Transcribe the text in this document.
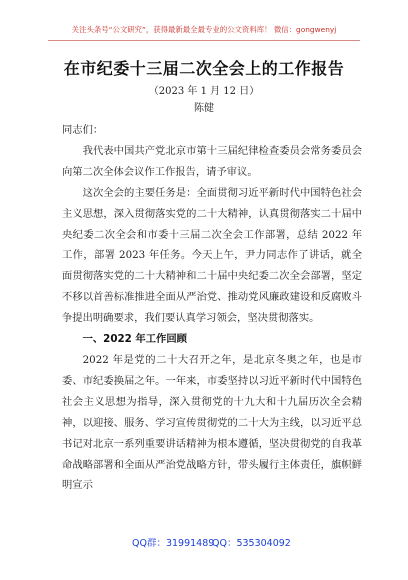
关注头条号“公文研究”，获得最新最全最专业的公文资料库！ 微信：gongwenyj
在市纪委十三届二次全会上的工作报告
（2023 年 1 月 12 日）
陈健

同志们：

我代表中国共产党北京市第十三届纪律检查委员会常务委员会向第二次全体会议作工作报告，请予审议。

这次全会的主要任务是：全面贯彻习近平新时代中国特色社会主义思想，深入贯彻落实党的二十大精神，认真贯彻落实二十届中央纪委二次全会和市委十三届二次全会工作部署，总结 2022 年工作，部署 2023 年任务。今天上午，尹力同志作了讲话，就全面贯彻落实党的二十大精神和二十届中央纪委二次全会部署，坚定不移以首善标准推进全面从严治党、推动党风廉政建设和反腐败斗争提出明确要求，我们要认真学习领会，坚决贯彻落实。

一、2022 年工作回顾

2022 年是党的二十大召开之年，是北京冬奥之年，也是市委、市纪委换届之年。一年来，市委坚持以习近平新时代中国特色社会主义思想为指导，深入贯彻党的十九大和十九届历次全会精神，以迎接、服务、学习宣传贯彻党的二十大为主线，以习近平总书记对北京一系列重要讲话精神为根本遵循，坚决贯彻党的自我革命战略部署和全面从严治党战略方针，带头履行主体责任，旗帜鲜明宣示

QQ群：31991489
QQ：535304092
